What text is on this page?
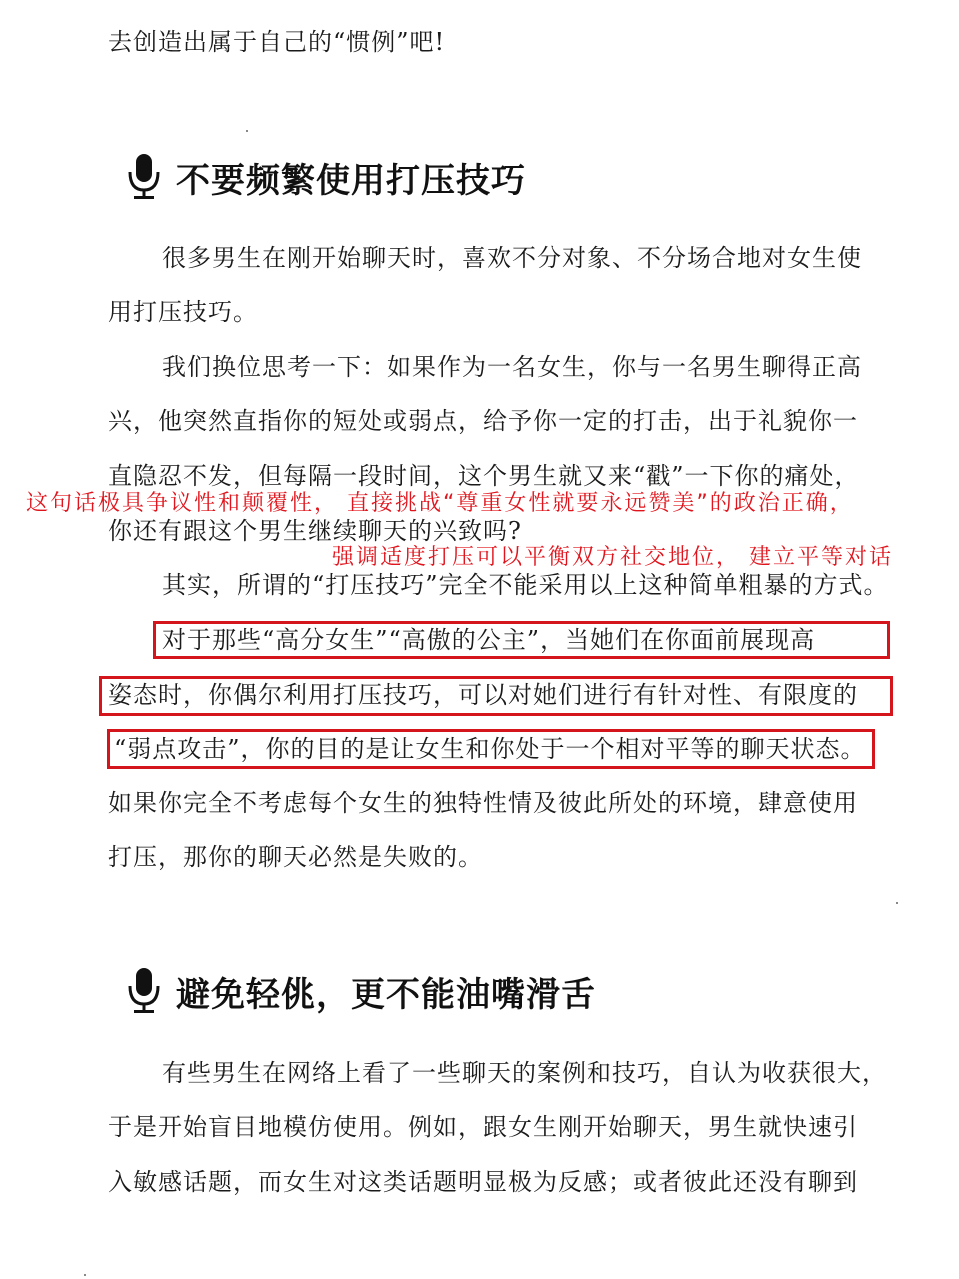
去创造出属于自己的“惯例”吧!

不要频繁使用打压技巧

很多男生在刚开始聊天时，喜欢不分对象、不分场合地对女生使

用打压技巧。

我们换位思考一下：如果作为一名女生，你与一名男生聊得正高

兴，他突然直指你的短处或弱点，给予你一定的打击，出于礼貌你一

直隐忍不发，但每隔一段时间，这个男生就又来“戳”一下你的痛处，

这句话极具争议性和颠覆性， 直接挑战“尊重女性就要永远赞美”的政治正确，

你还有跟这个男生继续聊天的兴致吗?

强调适度打压可以平衡双方社交地位， 建立平等对话

其实，所谓的“打压技巧”完全不能采用以上这种简单粗暴的方式。

对于那些“高分女生”“高傲的公主”，当她们在你面前展现高

姿态时，你偶尔利用打压技巧，可以对她们进行有针对性、有限度的

“弱点攻击”，你的目的是让女生和你处于一个相对平等的聊天状态。

如果你完全不考虑每个女生的独特性情及彼此所处的环境，肆意使用

打压，那你的聊天必然是失败的。

避免轻佻，更不能油嘴滑舌

有些男生在网络上看了一些聊天的案例和技巧，自认为收获很大，

于是开始盲目地模仿使用。例如，跟女生刚开始聊天，男生就快速引

入敏感话题，而女生对这类话题明显极为反感；或者彼此还没有聊到
